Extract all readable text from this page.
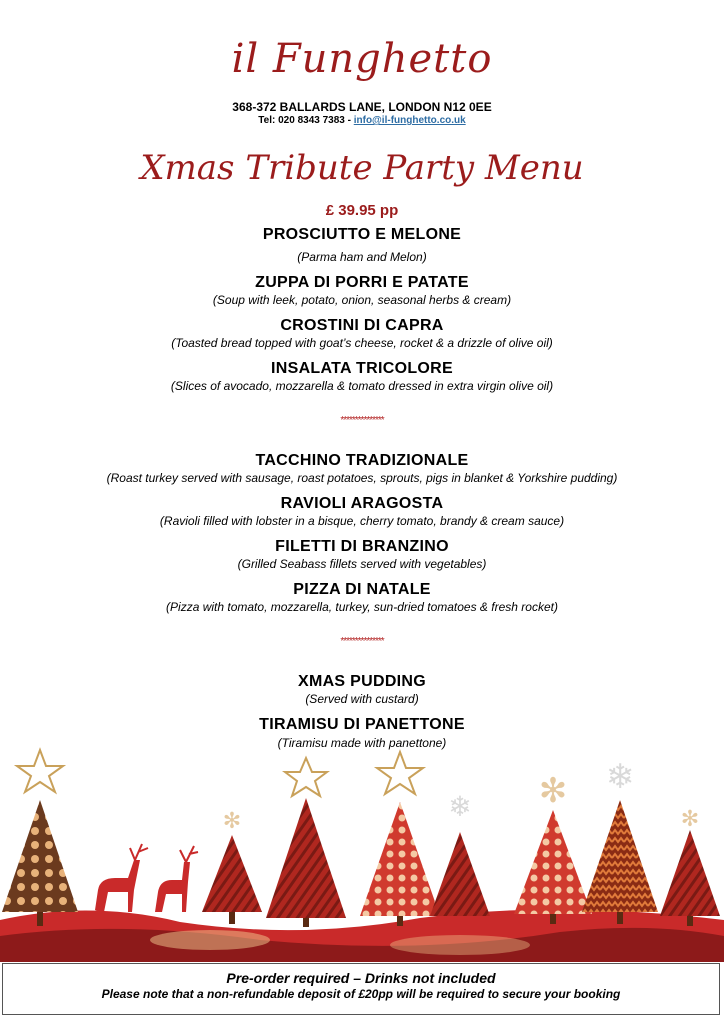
il Funghetto
368-372 BALLARDS LANE, LONDON N12 0EE
Tel: 020 8343 7383 - info@il-funghetto.co.uk
Xmas Tribute Party Menu
£ 39.95 pp
PROSCIUTTO E MELONE
(Parma ham and Melon)
ZUPPA DI PORRI E PATATE
(Soup with leek, potato, onion, seasonal herbs & cream)
CROSTINI DI CAPRA
(Toasted bread topped with goat’s cheese, rocket & a drizzle of olive oil)
INSALATA TRICOLORE
(Slices of avocado, mozzarella & tomato dressed in extra virgin olive oil)
***************
TACCHINO TRADIZIONALE
(Roast turkey served with sausage, roast potatoes, sprouts, pigs in blanket & Yorkshire pudding)
RAVIOLI ARAGOSTA
(Ravioli filled with lobster in a bisque, cherry tomato, brandy & cream sauce)
FILETTI DI BRANZINO
(Grilled Seabass fillets served with vegetables)
PIZZA DI NATALE
(Pizza with tomato, mozzarella, turkey, sun-dried tomatoes & fresh rocket)
***************
XMAS PUDDING
(Served with custard)
TIRAMISU DI PANETTONE
(Tiramisu made with panettone)
✻	❄ ✻ ❄
✻
Pre-order required – Drinks not included
Please note that a non-refundable deposit of £20pp will be required to secure your booking
